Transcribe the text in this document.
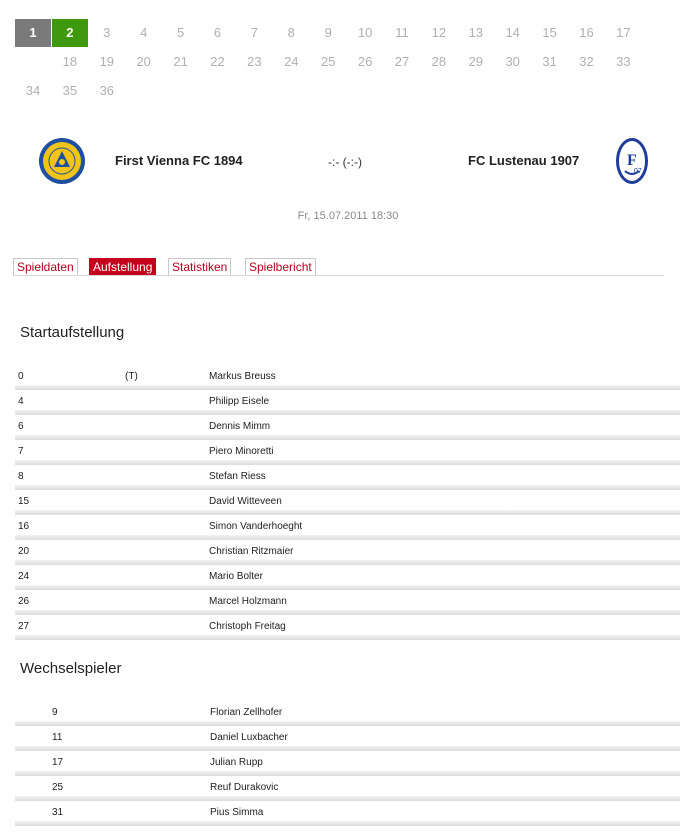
1	2	3	4	5	6	7	8	9	10	11	12	13	14	15	16	17
18	19	20	21	22	23	24	25	26	27	28	29	30	31	32	33
34	35	36
First Vienna FC 1894	-:- (-:-)	FC Lustenau 1907	F
07
Fr, 15.07.2011 18:30
Spieldaten	Aufstellung	Statistiken	Spielbericht
Startaufstellung
0	(T)	Markus Breuss
4	Philipp Eisele
6	Dennis Mimm
7	Piero Minoretti
8	Stefan Riess
15	David Witteveen
16	Simon Vanderhoeght
20	Christian Ritzmaier
24	Mario Bolter
26	Marcel Holzmann
27	Christoph Freitag
Wechselspieler
9	Florian Zellhofer
11	Daniel Luxbacher
17	Julian Rupp
25	Reuf Durakovic
31	Pius Simma
